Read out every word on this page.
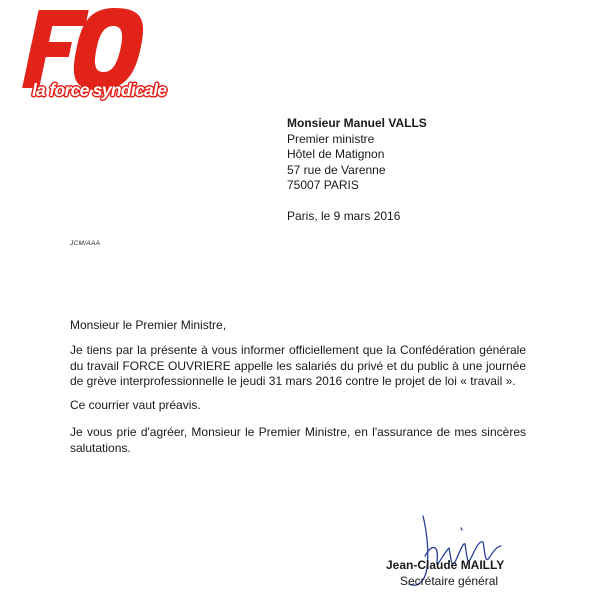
la force syndicale
Monsieur Manuel VALLS
Premier ministre
Hôtel de Matignon
57 rue de Varenne
75007 PARIS
Paris, le 9 mars 2016
JCM/AAA
Monsieur le Premier Ministre,
Je tiens par la présente à vous informer officiellement que la Confédération générale du travail FORCE OUVRIERE appelle les salariés du privé et du public à une journée de grève interprofessionnelle le jeudi 31 mars 2016 contre le projet de loi « travail ».
Ce courrier vaut préavis.
Je vous prie d'agréer, Monsieur le Premier Ministre, en l'assurance de mes sincères salutations.
Jean-Claude MAILLY
Secrétaire général
